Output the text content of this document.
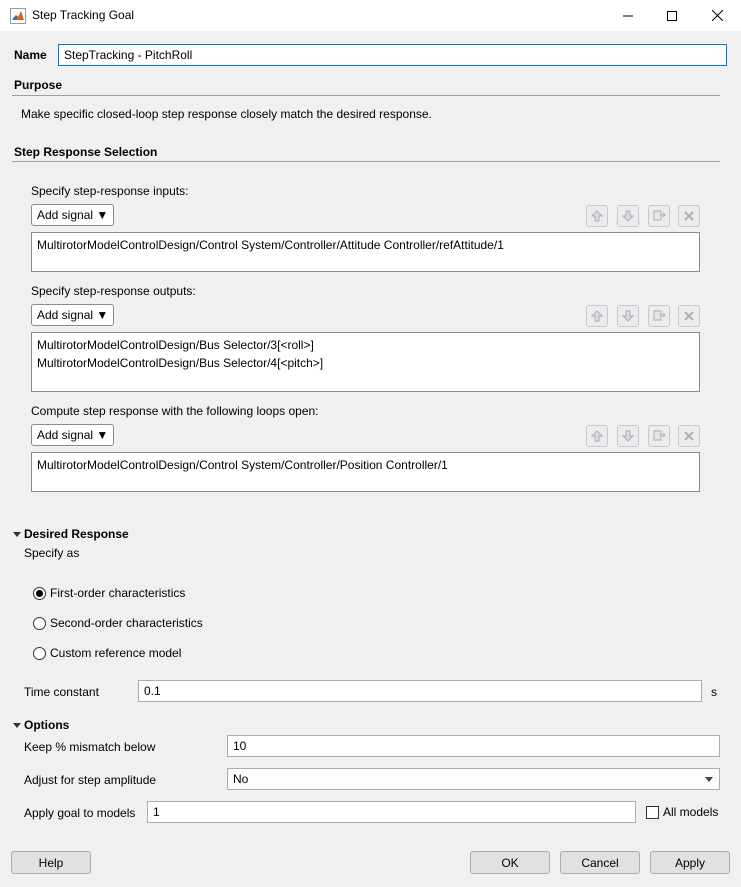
Step Tracking Goal
Name	StepTracking - PitchRoll
Purpose
Make specific closed-loop step response closely match the desired response.
Step Response Selection
Specify step-response inputs:
Add signal ▼
MultirotorModelControlDesign/Control System/Controller/Attitude Controller/refAttitude/1
Specify step-response outputs:
Add signal ▼
MultirotorModelControlDesign/Bus Selector/3[<roll>]
MultirotorModelControlDesign/Bus Selector/4[<pitch>]
Compute step response with the following loops open:
Add signal ▼
MultirotorModelControlDesign/Control System/Controller/Position Controller/1
Desired Response
Specify as
First-order characteristics
Second-order characteristics
Custom reference model
Time constant	0.1	s
Options
Keep % mismatch below	10
Adjust for step amplitude	No
Apply goal to models	1	All models
Help	OK	Cancel	Apply
